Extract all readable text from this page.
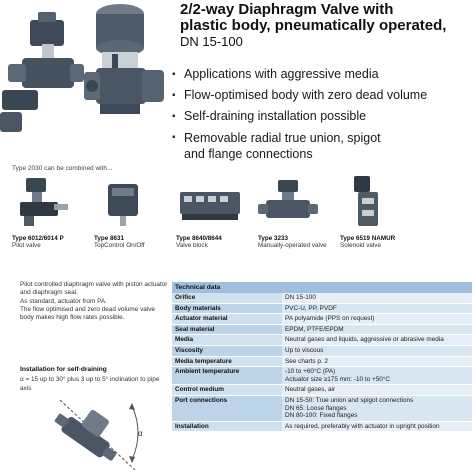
2/2-way Diaphragm Valve with
plastic body, pneumatically operated,
DN 15-100
▪ Applications with aggressive media
▪ Flow-optimised body with zero dead volume
▪ Self-draining installation possible
▪ Removable radial true union, spigot
and flange connections
Type 2030 can be combined with...
Type 6012/6014 P
Pilot valve
Type 8631
TopControl On/Off
Type 8640/8644
Valve block
Type 3233
Manually-operated valve
Type 6519 NAMUR
Solenoid valve

Pilot controlled diaphragm valve with piston actuator and diaphragm seal.

As standard, actuator from PA.

The flow optimised and zero dead volume valve body makes high flow rates possible.

Installation for self-draining
α = 15 up to 30° plus 3 up to 5° inclination to pipe axis
α
Technical data	
Orifice	DN 15-100
Body materials	PVC-U, PP, PVDF
Actuator material	PA polyamide (PPS on request)
Seal material	EPDM, PTFE/EPDM
Media	Neutral gases and liquids, aggressive or abrasive media
Viscosity	Up to viscous
Media temperature	See charts p. 2
Ambient temperature	-10 to +60°C (PA)
Actuator size ≥175 mm: -10 to +50°C
Control medium	Neutral gases, air
Port connections	DN 15-50: True union and spigot connections
DN 65: Loose flanges
DN 80-100: Fixed flanges
Installation	As required, preferably with actuator in upright position
